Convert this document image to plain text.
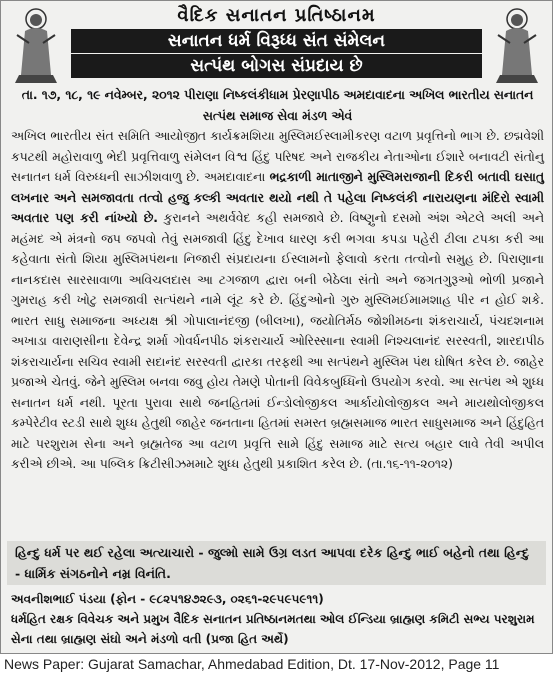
વૈદિક સનાતન પ્રતિષ્ઠાનમ
સનાતન ધર્મ વિરૂધ્ધ સંત સંમેલન
સત્પંથ બોગસ સંપ્રદાય છે

તા. ૧૭, ૧૮, ૧૯ નવેમ્બર, ૨૦૧૨ પીરાણા નિષ્કલંકીધામ પ્રેરણાપીઠ અમદાવાદના અખિલ ભારતીય સનાતન સત્પંથ સમાજ સેવા મંડળ એવં

અખિલ ભારતીય સંત સમિતિ આયોજીત કાર્યક્રમશિયા મુસ્લિમઈસ્લામીકરણ વટાળ પ્રવૃત્તિનો ભાગ છે. છદ્મવેશી કપટથી મહોરાવાળુ ભેદી પ્રવૃત્તિવાળુ સંમેલન વિશ્વ હિંદુ પરિષદ અને રાજકીય નેતાઓના ઈશારે બનાવટી સંતોનુ સનાતન ધર્મ વિરુધ્ધની સાઝીશવાળુ છે. અમદાવાદના ભદ્રકાળી માતાજીને મુસ્લિમરાજાની દિકરી બતાવી ઘસાતુ લખનાર અને સમજાવતા તત્વો હજુ કલ્કી અવતાર થયો નથી તે પહેલા નિષ્કલંકી નારાયણના મંદિરો સ્વામી અવતાર પણ કરી નાંખ્યો છે. કુરાનને અથર્વવેદ કહી સમજાવે છે. વિષ્ણુનો દસમો અંશ એટલે અલી અને મહંમદ એ મંત્રનો જપ જપવો તેવું સમજાવી હિંદુ દેખાવ ધારણ કરી ભગવા કપડા પહેરી ટીલા ટપકા કરી આ કહેવાતા સંતો શિયા મુસ્લિમપંથના નિજારી સંપ્રદાયના ઈસ્લામનો ફેલાવો કરતા તત્વોનો સમુહ છે. પિરાણાના નાનકદાસ સારસાવાળા અવિચલદાસ આ ટગજાળ દ્વારા બની બેઠેલા સંતો અને જગતગુરૂઓ ભોળી પ્રજાને ગુમરાહ કરી ખોટુ સમજાવી સત્પંથને નામે લૂંટ કરે છે. હિંદુઓનો ગુરુ મુસ્લિમઈમામશાહ પીર ન હોઈ શકે. ભારત સાધુ સમાજના અધ્યક્ષ શ્રી ગોપાલાનંદજી (બીલખા), જયોતિર્મઠ જોશીમઠના શંકરાચાર્ય, પંચદશનામ અખાડા વારાણસીના દેવેન્દ્ર શર્મા ગોવર્ધનપીઠ શંકરાચાર્ય ઓરિસ્સાના સ્વામી નિશ્ચલાનંદ સરસ્વતી, શારદાપીઠ શંકરાચાર્યના સચિવ સ્વામી સદાનંદ સરસ્વતી દ્વારકા તરફથી આ સત્પંથને મુસ્લિમ પંથ ઘોષિત કરેલ છે. જાહેર પ્રજાએ ચેતવું. જેને મુસ્લિમ બનવા જવુ હોય તેમણે પોતાની વિવેકબુધ્ધિનો ઉપયોગ કરવો. આ સત્પંથ એ શુધ્ધ સનાતન ધર્મ નથી. પૂરતા પુરાવા સાથે જનહિતમાં ઈન્ડોલોજીકલ આર્કાયોલોજીકલ અને માયથોલોજીકલ કમ્પેરેટીવ સ્ટડી સાથે શુધ્ધ હેતુથી જાહેર જનતાના હિતમાં સમસ્ત બ્રહ્મસમાજ ભારત સાધુસમાજ અને હિંદુહિત માટે પરશુરામ સેના અને બ્રહ્મતેજ આ વટાળ પ્રવૃત્તિ સામે હિંદુ સમાજ માટે સત્ય બહાર લાવે તેવી અપીલ કરીએ છીએ. આ પબ્લિક ક્રિટીસીઝમમાટે શુધ્ધ હેતુથી પ્રકાશિત કરેલ છે. (તા.૧૬-૧૧-૨૦૧૨)

હિન્દુ ધર્મ પર થઈ રહેલા અત્યાચારો - જુલ્મો સામે ઉગ્ર લડત આપવા દરેક હિન્દુ ભાઈ બહેનો તથા હિન્દુ - ધાર્મિક સંગઠનોને નમ્ર વિનંતિ.
અવનીશભાઈ પંડયા (ફોન - ૯૮૨૫૧૪૭૨૯૩, ૦૨૬૧-૨૯૫૯૫૯૧૧)
ધર્મહિત રક્ષક વિવેચક અને પ્રમુખ વૈદિક સનાતન પ્રતિષ્ઠાનમતથા ઓલ ઈન્ડિયા બ્રાહ્મણ કમિટી સભ્ય પરશુરામ સેના તથા બ્રાહ્મણ સંઘો અને મંડળો વતી (પ્રજા હિત અર્થે)
News Paper: Gujarat Samachar, Ahmedabad Edition, Dt. 17-Nov-2012, Page 11
